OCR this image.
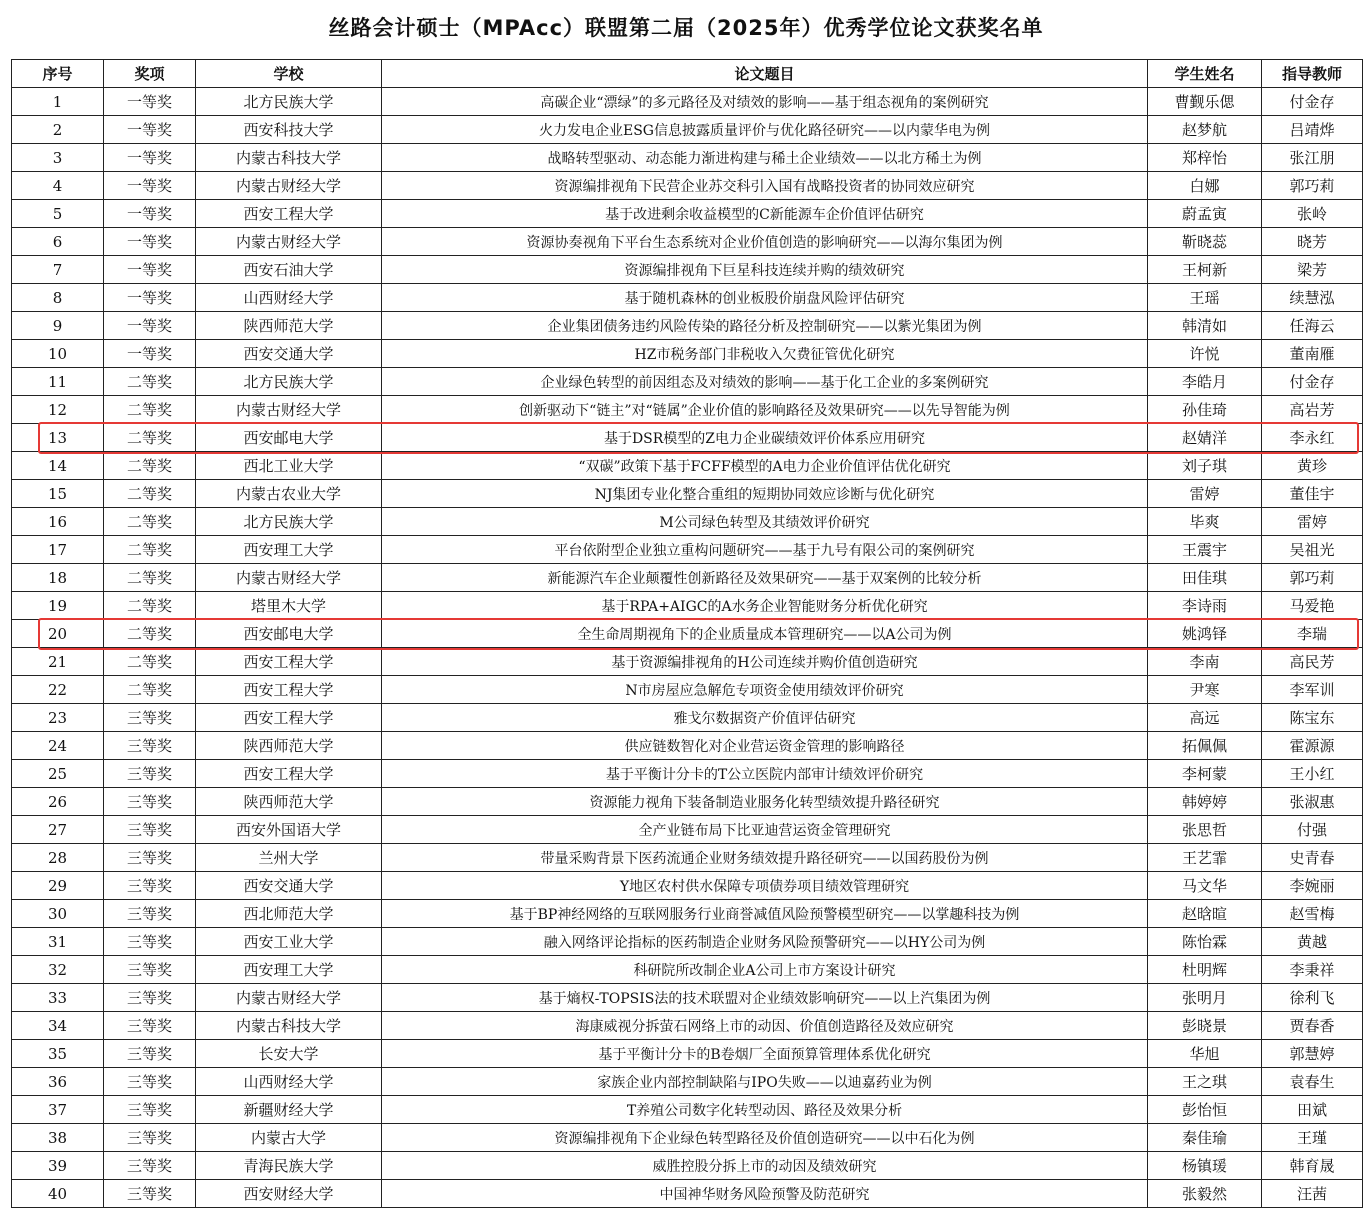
丝路会计硕士（MPAcc）联盟第二届（2025年）优秀学位论文获奖名单
序号	奖项	学校	论文题目	学生姓名	指导教师
1	一等奖	北方民族大学	高碳企业“漂绿”的多元路径及对绩效的影响——基于组态视角的案例研究	曹觐乐偲	付金存
2	一等奖	西安科技大学	火力发电企业ESG信息披露质量评价与优化路径研究——以内蒙华电为例	赵梦航	吕靖烨
3	一等奖	内蒙古科技大学	战略转型驱动、动态能力渐进构建与稀土企业绩效——以北方稀土为例	郑梓怡	张江朋
4	一等奖	内蒙古财经大学	资源编排视角下民营企业苏交科引入国有战略投资者的协同效应研究	白娜	郭巧莉
5	一等奖	西安工程大学	基于改进剩余收益模型的C新能源车企价值评估研究	蔚孟寅	张岭
6	一等奖	内蒙古财经大学	资源协奏视角下平台生态系统对企业价值创造的影响研究——以海尔集团为例	靳晓蕊	晓芳
7	一等奖	西安石油大学	资源编排视角下巨星科技连续并购的绩效研究	王柯新	梁芳
8	一等奖	山西财经大学	基于随机森林的创业板股价崩盘风险评估研究	王瑶	续慧泓
9	一等奖	陕西师范大学	企业集团债务违约风险传染的路径分析及控制研究——以紫光集团为例	韩清如	任海云
10	一等奖	西安交通大学	HZ市税务部门非税收入欠费征管优化研究	许悦	董南雁
11	二等奖	北方民族大学	企业绿色转型的前因组态及对绩效的影响——基于化工企业的多案例研究	李皓月	付金存
12	二等奖	内蒙古财经大学	创新驱动下“链主”对“链属”企业价值的影响路径及效果研究——以先导智能为例	孙佳琦	高岩芳
13	二等奖	西安邮电大学	基于DSR模型的Z电力企业碳绩效评价体系应用研究	赵婧洋	李永红
14	二等奖	西北工业大学	“双碳”政策下基于FCFF模型的A电力企业价值评估优化研究	刘子琪	黄珍
15	二等奖	内蒙古农业大学	NJ集团专业化整合重组的短期协同效应诊断与优化研究	雷婷	董佳宇
16	二等奖	北方民族大学	M公司绿色转型及其绩效评价研究	毕爽	雷婷
17	二等奖	西安理工大学	平台依附型企业独立重构问题研究——基于九号有限公司的案例研究	王震宇	吴祖光
18	二等奖	内蒙古财经大学	新能源汽车企业颠覆性创新路径及效果研究——基于双案例的比较分析	田佳琪	郭巧莉
19	二等奖	塔里木大学	基于RPA+AIGC的A水务企业智能财务分析优化研究	李诗雨	马爱艳
20	二等奖	西安邮电大学	全生命周期视角下的企业质量成本管理研究——以A公司为例	姚鸿铎	李瑞
21	二等奖	西安工程大学	基于资源编排视角的H公司连续并购价值创造研究	李南	高民芳
22	二等奖	西安工程大学	N市房屋应急解危专项资金使用绩效评价研究	尹寒	李军训
23	三等奖	西安工程大学	雅戈尔数据资产价值评估研究	高远	陈宝东
24	三等奖	陕西师范大学	供应链数智化对企业营运资金管理的影响路径	拓佩佩	霍源源
25	三等奖	西安工程大学	基于平衡计分卡的T公立医院内部审计绩效评价研究	李柯蒙	王小红
26	三等奖	陕西师范大学	资源能力视角下装备制造业服务化转型绩效提升路径研究	韩婷婷	张淑惠
27	三等奖	西安外国语大学	全产业链布局下比亚迪营运资金管理研究	张思哲	付强
28	三等奖	兰州大学	带量采购背景下医药流通企业财务绩效提升路径研究——以国药股份为例	王艺霏	史青春
29	三等奖	西安交通大学	Y地区农村供水保障专项债券项目绩效管理研究	马文华	李婉丽
30	三等奖	西北师范大学	基于BP神经网络的互联网服务行业商誉减值风险预警模型研究——以掌趣科技为例	赵晗暄	赵雪梅
31	三等奖	西安工业大学	融入网络评论指标的医药制造企业财务风险预警研究——以HY公司为例	陈怡霖	黄越
32	三等奖	西安理工大学	科研院所改制企业A公司上市方案设计研究	杜明辉	李秉祥
33	三等奖	内蒙古财经大学	基于熵权-TOPSIS法的技术联盟对企业绩效影响研究——以上汽集团为例	张明月	徐利飞
34	三等奖	内蒙古科技大学	海康威视分拆萤石网络上市的动因、价值创造路径及效应研究	彭晓景	贾春香
35	三等奖	长安大学	基于平衡计分卡的B卷烟厂全面预算管理体系优化研究	华旭	郭慧婷
36	三等奖	山西财经大学	家族企业内部控制缺陷与IPO失败——以迪嘉药业为例	王之琪	袁春生
37	三等奖	新疆财经大学	T养殖公司数字化转型动因、路径及效果分析	彭怡恒	田斌
38	三等奖	内蒙古大学	资源编排视角下企业绿色转型路径及价值创造研究——以中石化为例	秦佳瑜	王瑾
39	三等奖	青海民族大学	威胜控股分拆上市的动因及绩效研究	杨镇瑗	韩育晟
40	三等奖	西安财经大学	中国神华财务风险预警及防范研究	张毅然	汪茜
